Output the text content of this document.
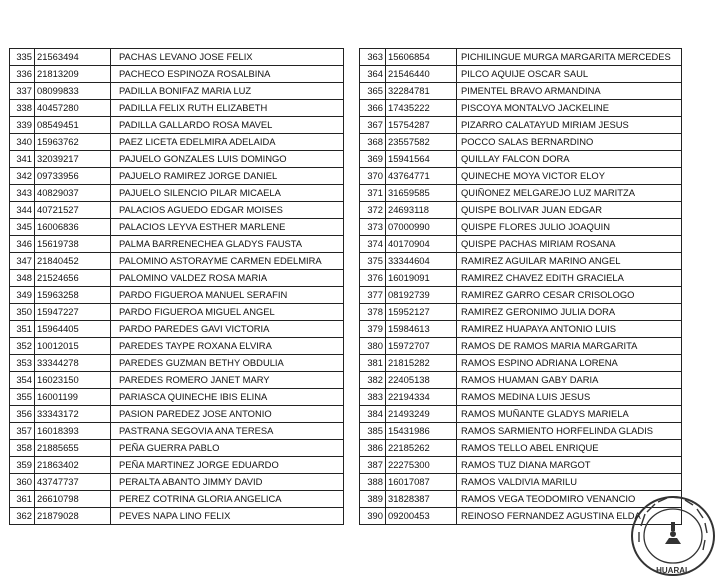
335	21563494	PACHAS LEVANO JOSE FELIX
336	21813209	PACHECO ESPINOZA ROSALBINA
337	08099833	PADILLA BONIFAZ MARIA LUZ
338	40457280	PADILLA FELIX RUTH ELIZABETH
339	08549451	PADILLA GALLARDO ROSA MAVEL
340	15963762	PAEZ LICETA EDELMIRA ADELAIDA
341	32039217	PAJUELO GONZALES LUIS DOMINGO
342	09733956	PAJUELO RAMIREZ JORGE DANIEL
343	40829037	PAJUELO SILENCIO PILAR MICAELA
344	40721527	PALACIOS AGUEDO EDGAR MOISES
345	16006836	PALACIOS LEYVA ESTHER MARLENE
346	15619738	PALMA BARRENECHEA GLADYS FAUSTA
347	21840452	PALOMINO ASTORAYME CARMEN EDELMIRA
348	21524656	PALOMINO VALDEZ ROSA MARIA
349	15963258	PARDO FIGUEROA MANUEL SERAFIN
350	15947227	PARDO FIGUEROA MIGUEL ANGEL
351	15964405	PARDO PAREDES GAVI VICTORIA
352	10012015	PAREDES TAYPE ROXANA ELVIRA
353	33344278	PAREDES GUZMAN BETHY OBDULIA
354	16023150	PAREDES ROMERO JANET MARY
355	16001199	PARIASCA QUINECHE IBIS ELINA
356	33343172	PASION PAREDEZ JOSE ANTONIO
357	16018393	PASTRANA SEGOVIA ANA TERESA
358	21885655	PEÑA GUERRA PABLO
359	21863402	PEÑA MARTINEZ JORGE EDUARDO
360	43747737	PERALTA ABANTO JIMMY DAVID
361	26610798	PEREZ COTRINA GLORIA ANGELICA
362	21879028	PEVES NAPA LINO FELIX
363	15606854	PICHILINGUE MURGA MARGARITA MERCEDES
364	21546440	PILCO AQUIJE OSCAR SAUL
365	32284781	PIMENTEL BRAVO ARMANDINA
366	17435222	PISCOYA MONTALVO JACKELINE
367	15754287	PIZARRO CALATAYUD MIRIAM JESUS
368	23557582	POCCO SALAS BERNARDINO
369	15941564	QUILLAY FALCON DORA
370	43764771	QUINECHE MOYA VICTOR ELOY
371	31659585	QUIÑONEZ MELGAREJO LUZ MARITZA
372	24693118	QUISPE BOLIVAR JUAN EDGAR
373	07000990	QUISPE FLORES JULIO JOAQUIN
374	40170904	QUISPE PACHAS MIRIAM ROSANA
375	33344604	RAMIREZ AGUILAR MARINO ANGEL
376	16019091	RAMIREZ CHAVEZ EDITH GRACIELA
377	08192739	RAMIREZ GARRO CESAR CRISOLOGO
378	15952127	RAMIREZ GERONIMO JULIA DORA
379	15984613	RAMIREZ HUAPAYA ANTONIO LUIS
380	15972707	RAMOS DE RAMOS MARIA MARGARITA
381	21815282	RAMOS ESPINO ADRIANA LORENA
382	22405138	RAMOS HUAMAN GABY DARIA
383	22194334	RAMOS MEDINA LUIS JESUS
384	21493249	RAMOS MUÑANTE GLADYS MARIELA
385	15431986	RAMOS SARMIENTO HORFELINDA GLADIS
386	22185262	RAMOS TELLO ABEL ENRIQUE
387	22275300	RAMOS TUZ DIANA MARGOT
388	16017087	RAMOS VALDIVIA MARILU
389	31828387	RAMOS VEGA TEODOMIRO VENANCIO
390	09200453	REINOSO FERNANDEZ AGUSTINA ELDA
HUARAL
